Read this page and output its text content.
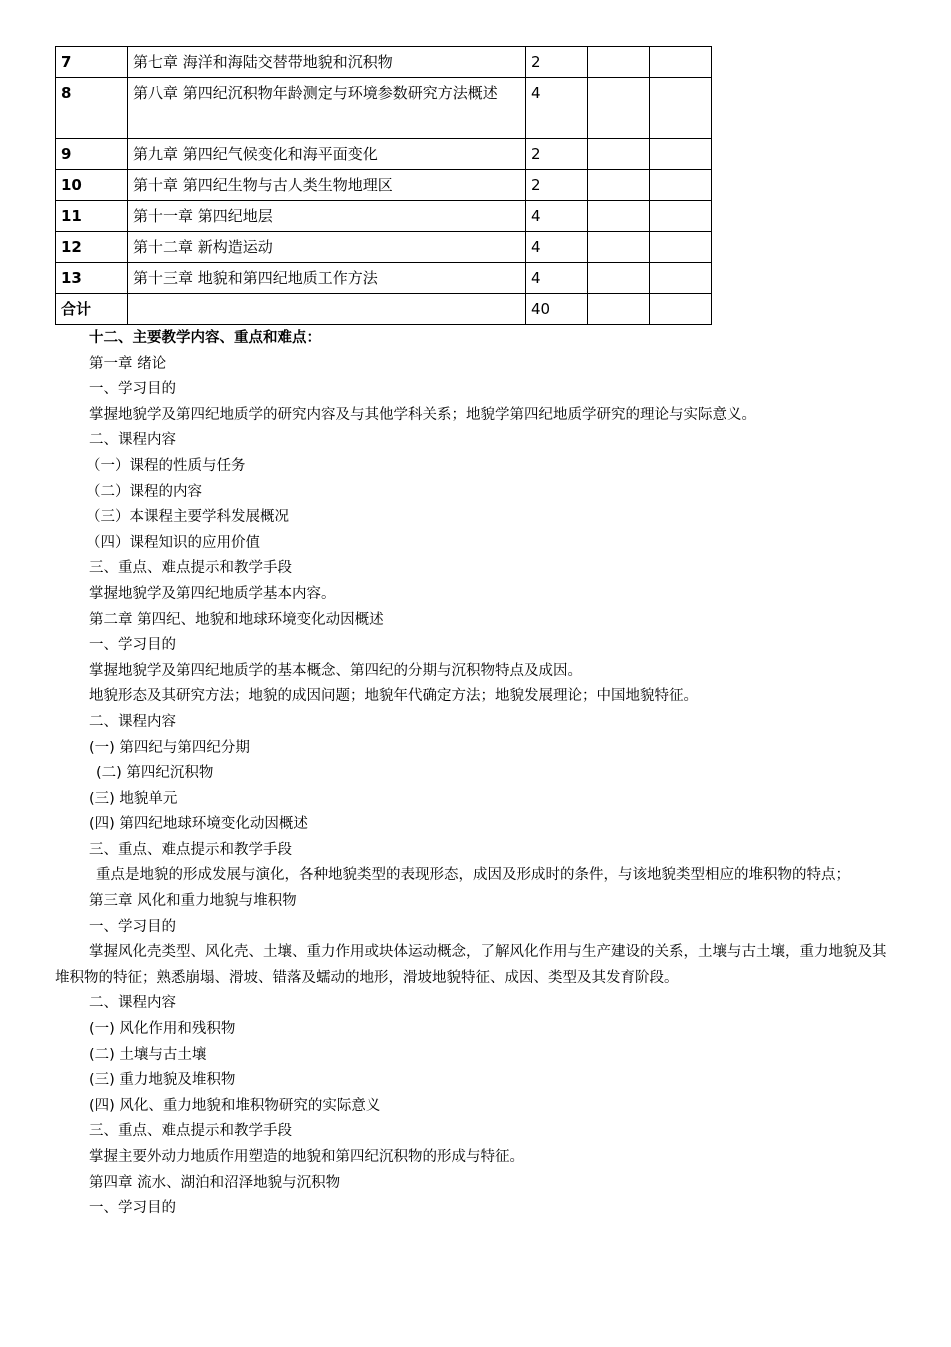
7	第七章 海洋和海陆交替带地貌和沉积物	2		
8	第八章 第四纪沉积物年龄测定与环境参数研究方法概述	4		
9	第九章 第四纪气候变化和海平面变化	2		
10	第十章 第四纪生物与古人类生物地理区	2		
11	第十一章 第四纪地层	4		
12	第十二章 新构造运动	4		
13	第十三章 地貌和第四纪地质工作方法	4		
合计		40		
十二、主要教学内容、重点和难点：
第一章 绪论
一、学习目的
掌握地貌学及第四纪地质学的研究内容及与其他学科关系；地貌学第四纪地质学研究的理论与实际意义。
二、课程内容
（一）课程的性质与任务
（二）课程的内容
（三）本课程主要学科发展概况
（四）课程知识的应用价值
三、重点、难点提示和教学手段
掌握地貌学及第四纪地质学基本内容。
第二章 第四纪、地貌和地球环境变化动因概述
一、学习目的
掌握地貌学及第四纪地质学的基本概念、第四纪的分期与沉积物特点及成因。
地貌形态及其研究方法；地貌的成因问题；地貌年代确定方法；地貌发展理论；中国地貌特征。
二、课程内容
(一) 第四纪与第四纪分期
(二) 第四纪沉积物
(三) 地貌单元
(四) 第四纪地球环境变化动因概述
三、重点、难点提示和教学手段
重点是地貌的形成发展与演化，各种地貌类型的表现形态，成因及形成时的条件，与该地貌类型相应的堆积物的特点；
第三章 风化和重力地貌与堆积物
一、学习目的
掌握风化壳类型、风化壳、土壤、重力作用或块体运动概念，了解风化作用与生产建设的关系，土壤与古土壤，重力地貌及其堆积物的特征；熟悉崩塌、滑坡、错落及蠕动的地形，滑坡地貌特征、成因、类型及其发育阶段。
二、课程内容
(一) 风化作用和残积物
(二) 土壤与古土壤
(三) 重力地貌及堆积物
(四) 风化、重力地貌和堆积物研究的实际意义
三、重点、难点提示和教学手段
掌握主要外动力地质作用塑造的地貌和第四纪沉积物的形成与特征。
第四章 流水、湖泊和沼泽地貌与沉积物
一、学习目的
